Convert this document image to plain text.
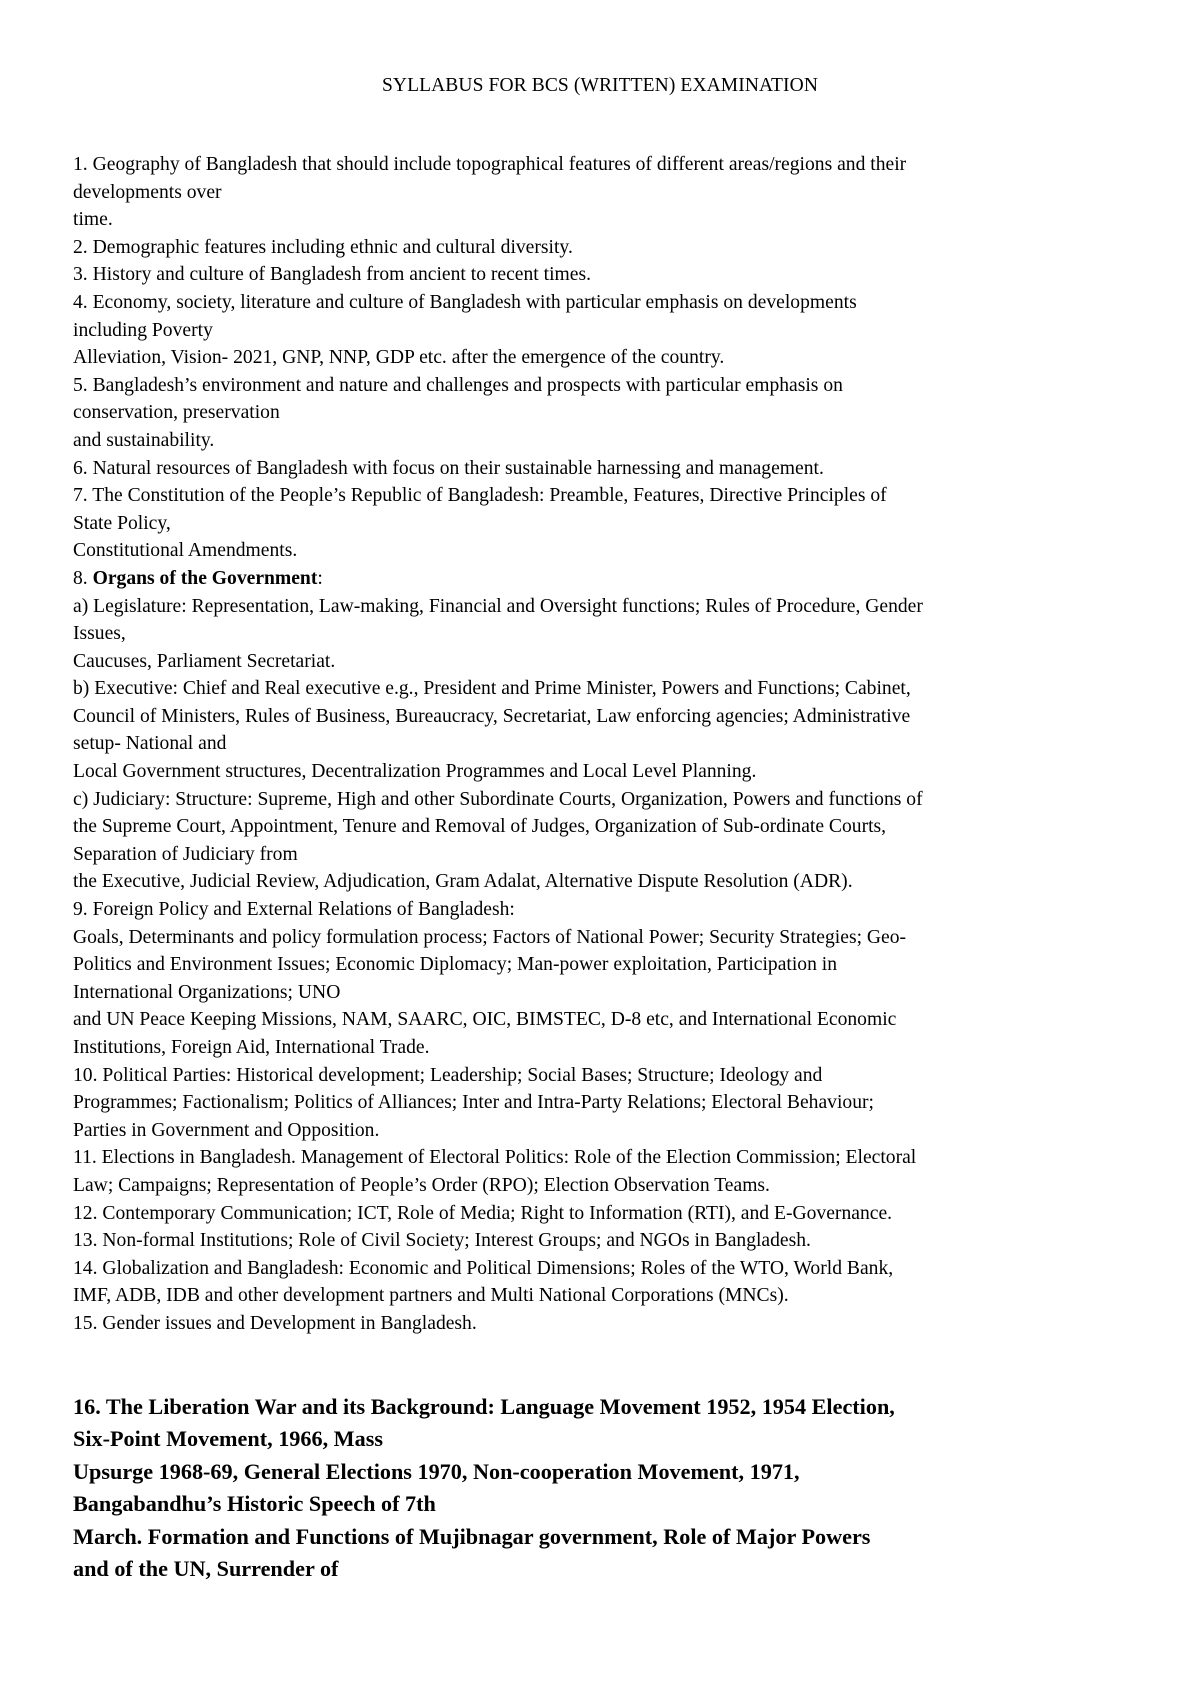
SYLLABUS FOR BCS (WRITTEN) EXAMINATION
1. Geography of Bangladesh that should include topographical features of different areas/regions and their
developments over
time.
2. Demographic features including ethnic and cultural diversity.
3. History and culture of Bangladesh from ancient to recent times.
4. Economy, society, literature and culture of Bangladesh with particular emphasis on developments
including Poverty
Alleviation, Vision- 2021, GNP, NNP, GDP etc. after the emergence of the country.
5. Bangladesh’s environment and nature and challenges and prospects with particular emphasis on
conservation, preservation
and sustainability.
6. Natural resources of Bangladesh with focus on their sustainable harnessing and management.
7. The Constitution of the People’s Republic of Bangladesh: Preamble, Features, Directive Principles of
State Policy,
Constitutional Amendments.
8. Organs of the Government:
a) Legislature: Representation, Law-making, Financial and Oversight functions; Rules of Procedure, Gender
Issues,
Caucuses, Parliament Secretariat.
b) Executive: Chief and Real executive e.g., President and Prime Minister, Powers and Functions; Cabinet,
Council of Ministers, Rules of Business, Bureaucracy, Secretariat, Law enforcing agencies; Administrative
setup- National and
Local Government structures, Decentralization Programmes and Local Level Planning.
c) Judiciary: Structure: Supreme, High and other Subordinate Courts, Organization, Powers and functions of
the Supreme Court, Appointment, Tenure and Removal of Judges, Organization of Sub-ordinate Courts,
Separation of Judiciary from
the Executive, Judicial Review, Adjudication, Gram Adalat, Alternative Dispute Resolution (ADR).
9. Foreign Policy and External Relations of Bangladesh:
Goals, Determinants and policy formulation process; Factors of National Power; Security Strategies; Geo-
Politics and Environment Issues; Economic Diplomacy; Man-power exploitation, Participation in
International Organizations; UNO
and UN Peace Keeping Missions, NAM, SAARC, OIC, BIMSTEC, D-8 etc, and International Economic
Institutions, Foreign Aid, International Trade.
10. Political Parties: Historical development; Leadership; Social Bases; Structure; Ideology and
Programmes; Factionalism; Politics of Alliances; Inter and Intra-Party Relations; Electoral Behaviour;
Parties in Government and Opposition.
11. Elections in Bangladesh. Management of Electoral Politics: Role of the Election Commission; Electoral
Law; Campaigns; Representation of People’s Order (RPO); Election Observation Teams.
12. Contemporary Communication; ICT, Role of Media; Right to Information (RTI), and E-Governance.
13. Non-formal Institutions; Role of Civil Society; Interest Groups; and NGOs in Bangladesh.
14. Globalization and Bangladesh: Economic and Political Dimensions; Roles of the WTO, World Bank,
IMF, ADB, IDB and other development partners and Multi National Corporations (MNCs).
15. Gender issues and Development in Bangladesh.
16. The Liberation War and its Background: Language Movement 1952, 1954 Election,
Six-Point Movement, 1966, Mass
Upsurge 1968-69, General Elections 1970, Non-cooperation Movement, 1971,
Bangabandhu’s Historic Speech of 7th
March. Formation and Functions of Mujibnagar government, Role of Major Powers
and of the UN, Surrender of
